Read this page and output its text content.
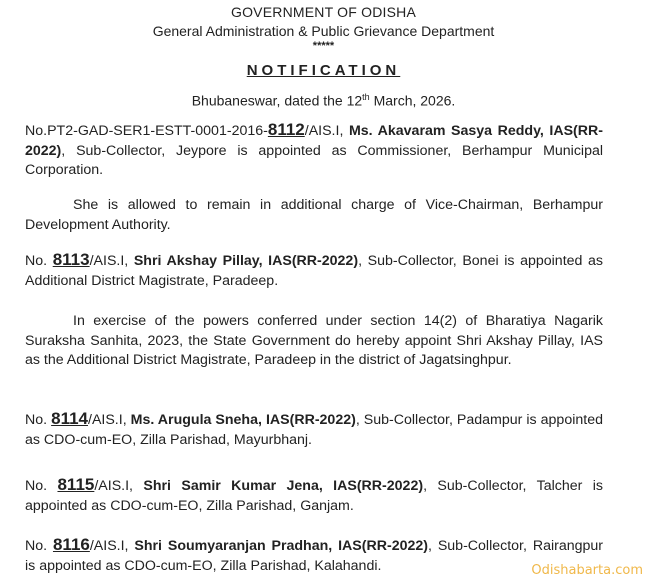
GOVERNMENT OF ODISHA
General Administration & Public Grievance Department
*****
NOTIFICATION
Bhubaneswar, dated the 12th March, 2026.
No.PT2-GAD-SER1-ESTT-0001-2016-8112/AIS.I, Ms. Akavaram Sasya Reddy, IAS(RR-2022), Sub-Collector, Jeypore is appointed as Commissioner, Berhampur Municipal Corporation.
She is allowed to remain in additional charge of Vice-Chairman, Berhampur Development Authority.
No. 8113/AIS.I, Shri Akshay Pillay, IAS(RR-2022), Sub-Collector, Bonei is appointed as Additional District Magistrate, Paradeep.
In exercise of the powers conferred under section 14(2) of Bharatiya Nagarik Suraksha Sanhita, 2023, the State Government do hereby appoint Shri Akshay Pillay, IAS as the Additional District Magistrate, Paradeep in the district of Jagatsinghpur.
No. 8114/AIS.I, Ms. Arugula Sneha, IAS(RR-2022), Sub-Collector, Padampur is appointed as CDO-cum-EO, Zilla Parishad, Mayurbhanj.
No. 8115/AIS.I, Shri Samir Kumar Jena, IAS(RR-2022), Sub-Collector, Talcher is appointed as CDO-cum-EO, Zilla Parishad, Ganjam.
No. 8116/AIS.I, Shri Soumyaranjan Pradhan, IAS(RR-2022), Sub-Collector, Rairangpur is appointed as CDO-cum-EO, Zilla Parishad, Kalahandi.	Odishabarta.com
